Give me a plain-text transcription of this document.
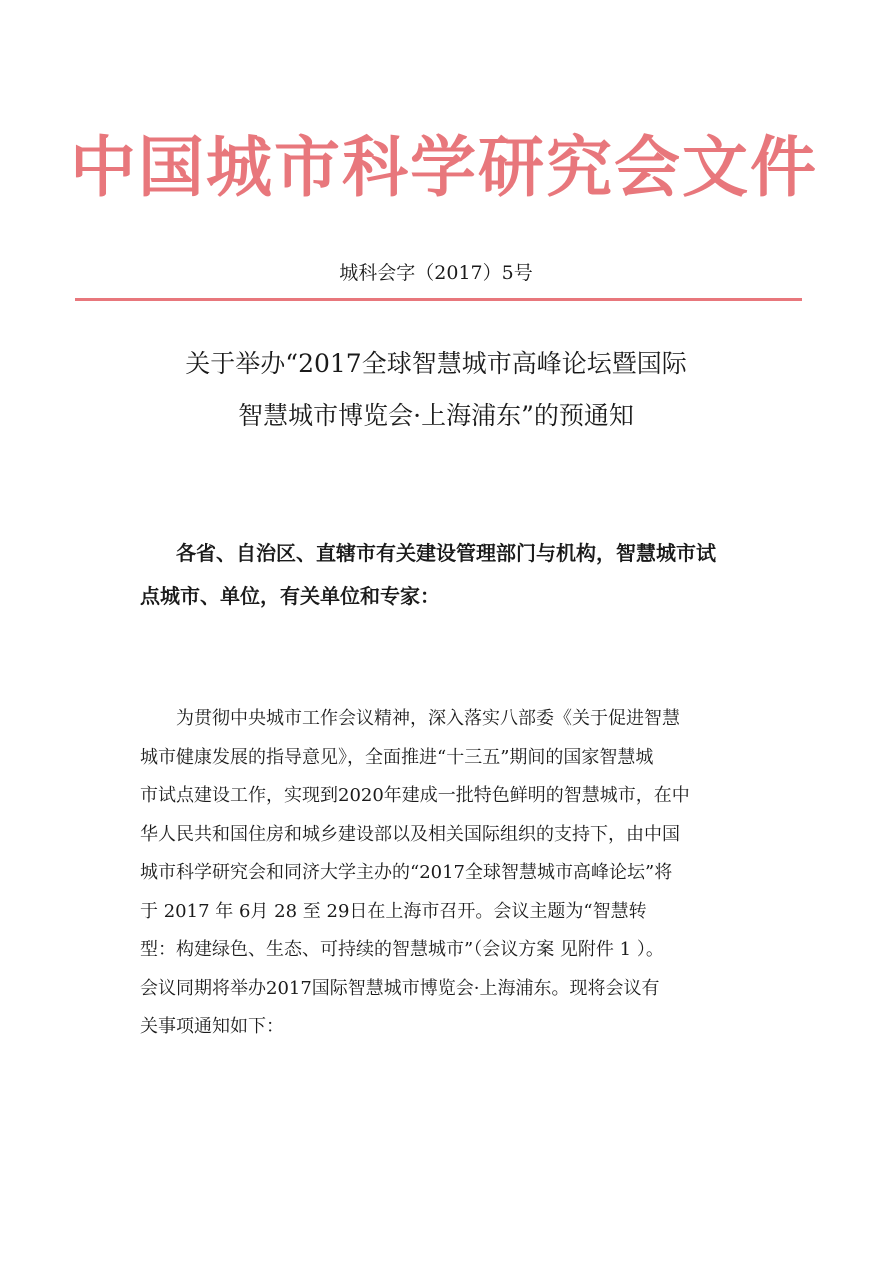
中国城市科学研究会文件
城科会字（2017）5号
关于举办“2017全球智慧城市高峰论坛暨国际
智慧城市博览会·上海浦东”的预通知
各省、自治区、直辖市有关建设管理部门与机构，智慧城市试
点城市、单位，有关单位和专家：
为贯彻中央城市工作会议精神，深入落实八部委《关于促进智慧
城市健康发展的指导意见》，全面推进“十三五”期间的国家智慧城
市试点建设工作，实现到2020年建成一批特色鲜明的智慧城市，在中
华人民共和国住房和城乡建设部以及相关国际组织的支持下，由中国
城市科学研究会和同济大学主办的“2017全球智慧城市高峰论坛”将
于 2017 年 6月 28 至 29日在上海市召开。会议主题为“智慧转
型：构建绿色、生态、可持续的智慧城市”（会议方案 见附件 1 ）。
会议同期将举办2017国际智慧城市博览会·上海浦东。现将会议有
关事项通知如下：
